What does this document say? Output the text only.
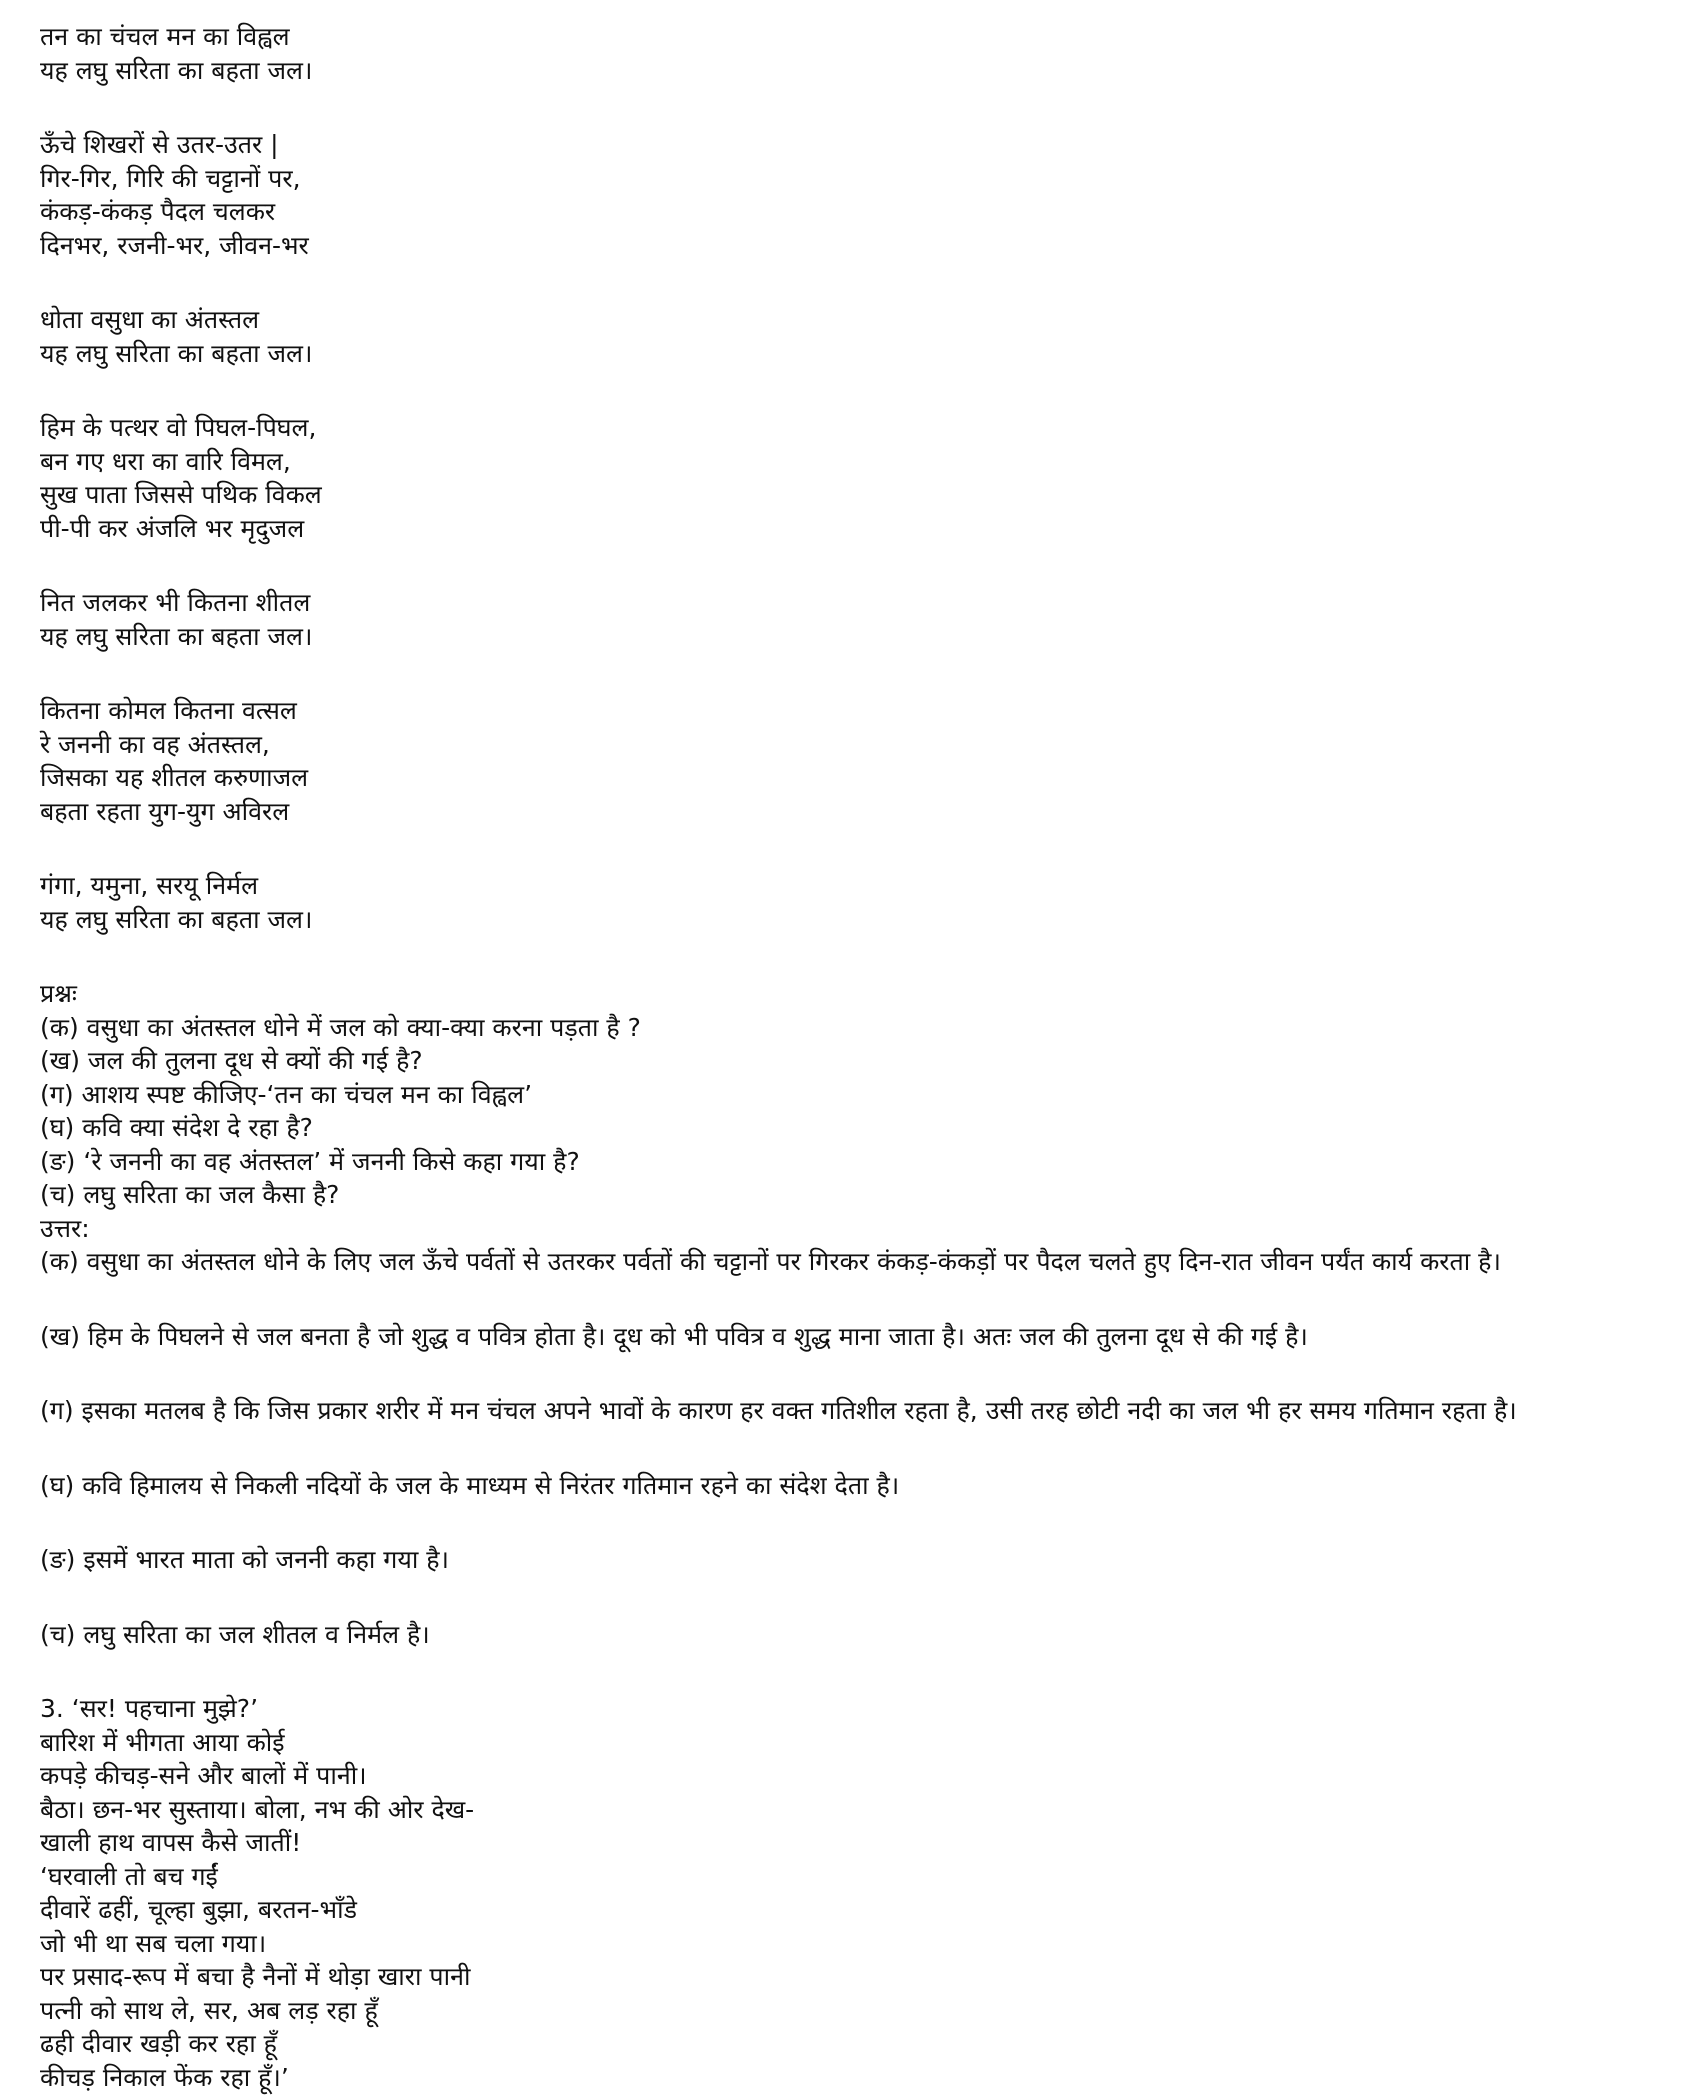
तन का चंचल मन का विह्वल
यह लघु सरिता का बहता जल।
ऊँचे शिखरों से उतर-उतर |
गिर-गिर, गिरि की चट्टानों पर,
कंकड़-कंकड़ पैदल चलकर
दिनभर, रजनी-भर, जीवन-भर
धोता वसुधा का अंतस्तल
यह लघु सरिता का बहता जल।
हिम के पत्थर वो पिघल-पिघल,
बन गए धरा का वारि विमल,
सुख पाता जिससे पथिक विकल
पी-पी कर अंजलि भर मृदुजल
नित जलकर भी कितना शीतल
यह लघु सरिता का बहता जल।
कितना कोमल कितना वत्सल
रे जननी का वह अंतस्तल,
जिसका यह शीतल करुणाजल
बहता रहता युग-युग अविरल
गंगा, यमुना, सरयू निर्मल
यह लघु सरिता का बहता जल।
प्रश्नः
(क) वसुधा का अंतस्तल धोने में जल को क्या-क्या करना पड़ता है ?
(ख) जल की तुलना दूध से क्यों की गई है?
(ग) आशय स्पष्ट कीजिए-‘तन का चंचल मन का विह्वल’
(घ) कवि क्या संदेश दे रहा है?
(ङ) ‘रे जननी का वह अंतस्तल’ में जननी किसे कहा गया है?
(च) लघु सरिता का जल कैसा है?
उत्तर:
(क) वसुधा का अंतस्तल धोने के लिए जल ऊँचे पर्वतों से उतरकर पर्वतों की चट्टानों पर गिरकर कंकड़-कंकड़ों पर पैदल चलते हुए दिन-रात जीवन पर्यंत कार्य करता है।
(ख) हिम के पिघलने से जल बनता है जो शुद्ध व पवित्र होता है। दूध को भी पवित्र व शुद्ध माना जाता है। अतः जल की तुलना दूध से की गई है।
(ग) इसका मतलब है कि जिस प्रकार शरीर में मन चंचल अपने भावों के कारण हर वक्त गतिशील रहता है, उसी तरह छोटी नदी का जल भी हर समय गतिमान रहता है।
(घ) कवि हिमालय से निकली नदियों के जल के माध्यम से निरंतर गतिमान रहने का संदेश देता है।
(ङ) इसमें भारत माता को जननी कहा गया है।
(च) लघु सरिता का जल शीतल व निर्मल है।
3. ‘सर! पहचाना मुझे?’
बारिश में भीगता आया कोई
कपड़े कीचड़-सने और बालों में पानी।
बैठा। छन-भर सुस्ताया। बोला, नभ की ओर देख-
खाली हाथ वापस कैसे जातीं!
‘घरवाली तो बच गईं
दीवारें ढहीं, चूल्हा बुझा, बरतन-भाँडे
जो भी था सब चला गया।
पर प्रसाद-रूप में बचा है नैनों में थोड़ा खारा पानी
पत्नी को साथ ले, सर, अब लड़ रहा हूँ
ढही दीवार खड़ी कर रहा हूँ
कीचड़ निकाल फेंक रहा हूँ।’
